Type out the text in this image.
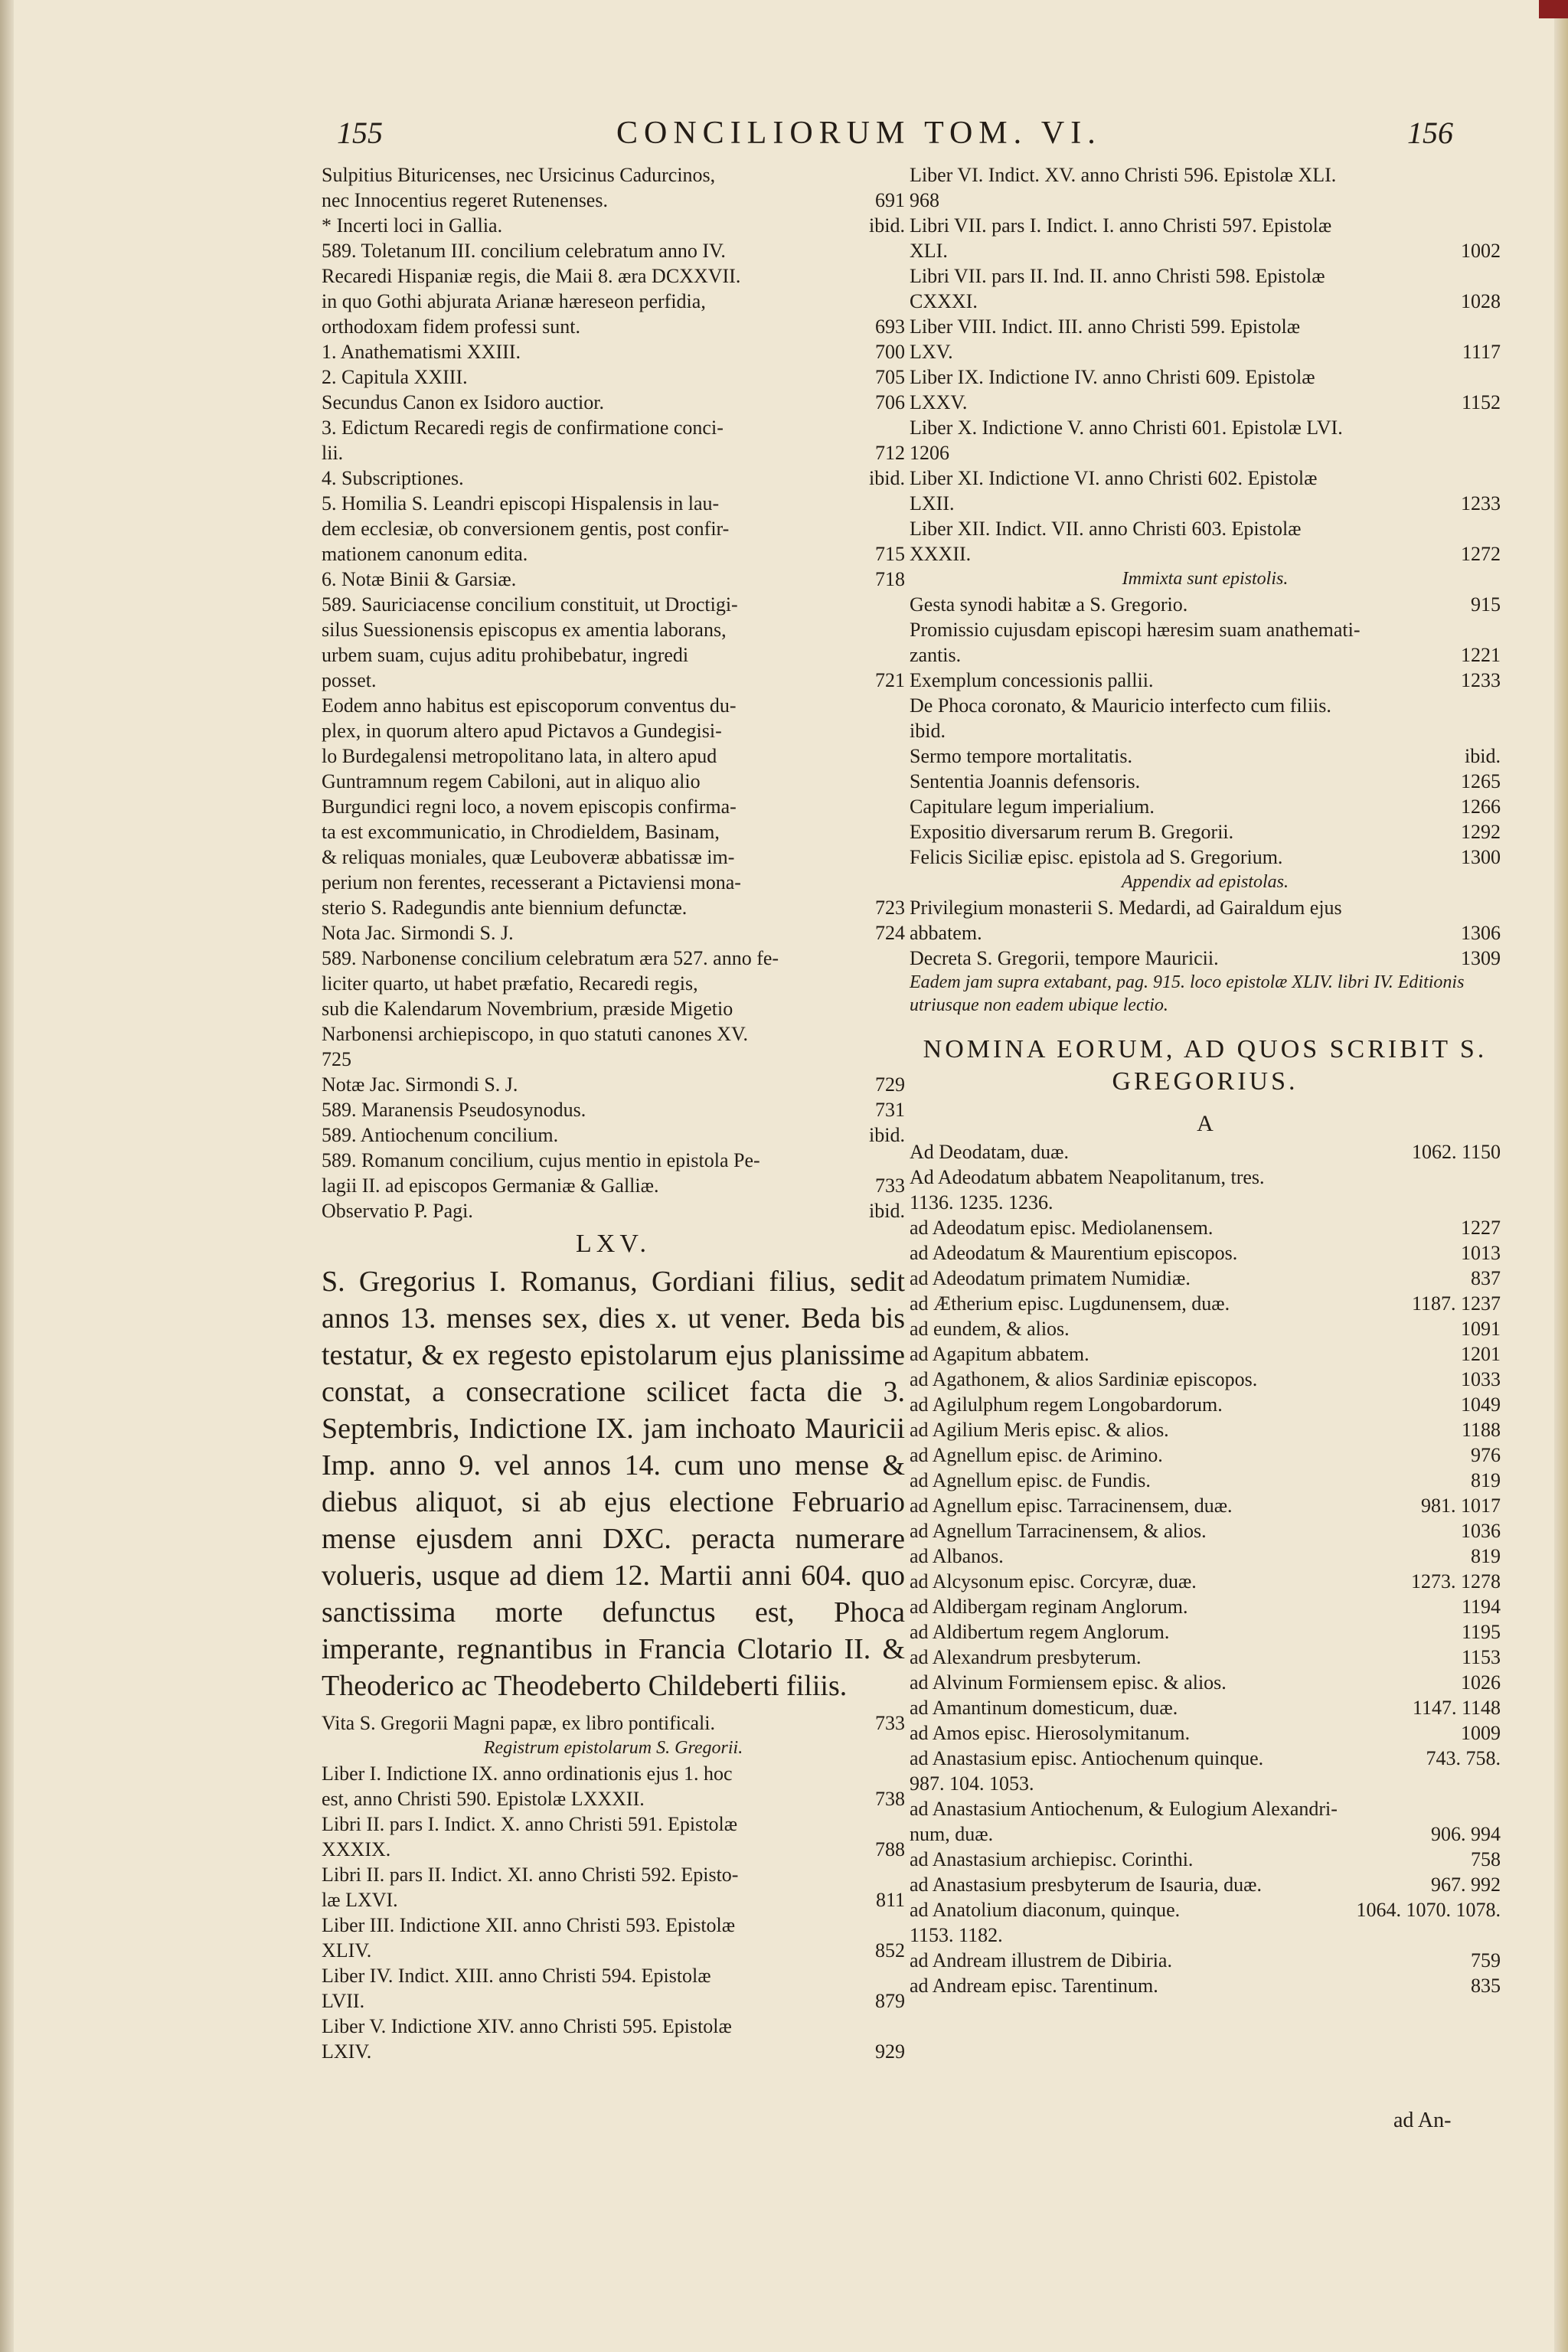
155	CONCILIORUM TOM. VI.	156
Sulpitius Bituricenses, nec Ursicinus Cadurcinos,
nec Innocentius regeret Rutenenses.	691
* Incerti loci in Gallia.	ibid.
589. Toletanum III. concilium celebratum anno IV.
Recaredi Hispaniæ regis, die Maii 8. æra DCXXVII.
in quo Gothi abjurata Arianæ hæreseon perfidia,
orthodoxam fidem professi sunt.	693
1. Anathematismi XXIII.	700
2. Capitula XXIII.	705
Secundus Canon ex Isidoro auctior.	706
3. Edictum Recaredi regis de confirmatione conci-
lii.	712
4. Subscriptiones.	ibid.
5. Homilia S. Leandri episcopi Hispalensis in lau-
dem ecclesiæ, ob conversionem gentis, post confir-
mationem canonum edita.	715
6. Notæ Binii & Garsiæ.	718
589. Sauriciacense concilium constituit, ut Droctigi-
silus Suessionensis episcopus ex amentia laborans,
urbem suam, cujus aditu prohibebatur, ingredi
posset.	721
Eodem anno habitus est episcoporum conventus du-
plex, in quorum altero apud Pictavos a Gundegisi-
lo Burdegalensi metropolitano lata, in altero apud
Guntramnum regem Cabiloni, aut in aliquo alio
Burgundici regni loco, a novem episcopis confirma-
ta est excommunicatio, in Chrodieldem, Basinam,
& reliquas moniales, quæ Leuboveræ abbatissæ im-
perium non ferentes, recesserant a Pictaviensi mona-
sterio S. Radegundis ante biennium defunctæ.	723
Nota Jac. Sirmondi S. J.	724
589. Narbonense concilium celebratum æra 527. anno fe-
liciter quarto, ut habet præfatio, Recaredi regis,
sub die Kalendarum Novembrium, præside Migetio
Narbonensi archiepiscopo, in quo statuti canones XV.
725
Notæ Jac. Sirmondi S. J.	729
589. Maranensis Pseudosynodus.	731
589. Antiochenum concilium.	ibid.
589. Romanum concilium, cujus mentio in epistola Pe-
lagii II. ad episcopos Germaniæ & Galliæ.	733
Observatio P. Pagi.	ibid.
LXV.

S. Gregorius I. Romanus, Gordiani filius, sedit annos 13. menses sex, dies x. ut vener. Beda bis testatur, & ex regesto epistolarum ejus planissime constat, a consecratione scilicet facta die 3. Septembris, Indictione IX. jam inchoato Mauricii Imp. anno 9. vel annos 14. cum uno mense & diebus aliquot, si ab ejus electione Februario mense ejusdem anni DXC. peracta numerare volueris, usque ad diem 12. Martii anni 604. quo sanctissima morte defunctus est, Phoca imperante, regnantibus in Francia Clotario II. & Theoderico ac Theodeberto Childeberti filiis.

Vita S. Gregorii Magni papæ, ex libro pontificali.	733
Registrum epistolarum S. Gregorii.
Liber I. Indictione IX. anno ordinationis ejus 1. hoc
est, anno Christi 590. Epistolæ LXXXII.	738
Libri II. pars I. Indict. X. anno Christi 591. Epistolæ
XXXIX.	788
Libri II. pars II. Indict. XI. anno Christi 592. Episto-
læ LXVI.	811
Liber III. Indictione XII. anno Christi 593. Epistolæ
XLIV.	852
Liber IV. Indict. XIII. anno Christi 594. Epistolæ
LVII.	879
Liber V. Indictione XIV. anno Christi 595. Epistolæ
LXIV.	929
Liber VI. Indict. XV. anno Christi 596. Epistolæ XLI.
968
Libri VII. pars I. Indict. I. anno Christi 597. Epistolæ
XLI.	1002
Libri VII. pars II. Ind. II. anno Christi 598. Epistolæ
CXXXI.	1028
Liber VIII. Indict. III. anno Christi 599. Epistolæ
LXV.	1117
Liber IX. Indictione IV. anno Christi 609. Epistolæ
LXXV.	1152
Liber X. Indictione V. anno Christi 601. Epistolæ LVI.
1206
Liber XI. Indictione VI. anno Christi 602. Epistolæ
LXII.	1233
Liber XII. Indict. VII. anno Christi 603. Epistolæ
XXXII.	1272
Immixta sunt epistolis.
Gesta synodi habitæ a S. Gregorio.	915
Promissio cujusdam episcopi hæresim suam anathemati-
zantis.	1221
Exemplum concessionis pallii.	1233
De Phoca coronato, & Mauricio interfecto cum filiis.
ibid.
Sermo tempore mortalitatis.	ibid.
Sententia Joannis defensoris.	1265
Capitulare legum imperialium.	1266
Expositio diversarum rerum B. Gregorii.	1292
Felicis Siciliæ episc. epistola ad S. Gregorium.	1300
Appendix ad epistolas.
Privilegium monasterii S. Medardi, ad Gairaldum ejus
abbatem.	1306
Decreta S. Gregorii, tempore Mauricii.	1309
Eadem jam supra extabant, pag. 915. loco epistolæ XLIV. libri IV. Editionis utriusque non eadem ubique lectio.
NOMINA EORUM, AD QUOS SCRIBIT S. GREGORIUS.
A
Ad Deodatam, duæ.	1062. 1150
Ad Adeodatum abbatem Neapolitanum, tres.
1136. 1235. 1236.
ad Adeodatum episc. Mediolanensem.	1227
ad Adeodatum & Maurentium episcopos.	1013
ad Adeodatum primatem Numidiæ.	837
ad Ætherium episc. Lugdunensem, duæ.	1187. 1237
ad eundem, & alios.	1091
ad Agapitum abbatem.	1201
ad Agathonem, & alios Sardiniæ episcopos.	1033
ad Agilulphum regem Longobardorum.	1049
ad Agilium Meris episc. & alios.	1188
ad Agnellum episc. de Arimino.	976
ad Agnellum episc. de Fundis.	819
ad Agnellum episc. Tarracinensem, duæ.	981. 1017
ad Agnellum Tarracinensem, & alios.	1036
ad Albanos.	819
ad Alcysonum episc. Corcyræ, duæ.	1273. 1278
ad Aldibergam reginam Anglorum.	1194
ad Aldibertum regem Anglorum.	1195
ad Alexandrum presbyterum.	1153
ad Alvinum Formiensem episc. & alios.	1026
ad Amantinum domesticum, duæ.	1147. 1148
ad Amos episc. Hierosolymitanum.	1009
ad Anastasium episc. Antiochenum quinque.	743. 758.
987. 104. 1053.
ad Anastasium Antiochenum, & Eulogium Alexandri-
num, duæ.	906. 994
ad Anastasium archiepisc. Corinthi.	758
ad Anastasium presbyterum de Isauria, duæ.	967. 992
ad Anatolium diaconum, quinque.	1064. 1070. 1078.
1153. 1182.
ad Andream illustrem de Dibiria.	759
ad Andream episc. Tarentinum.	835
ad An-
